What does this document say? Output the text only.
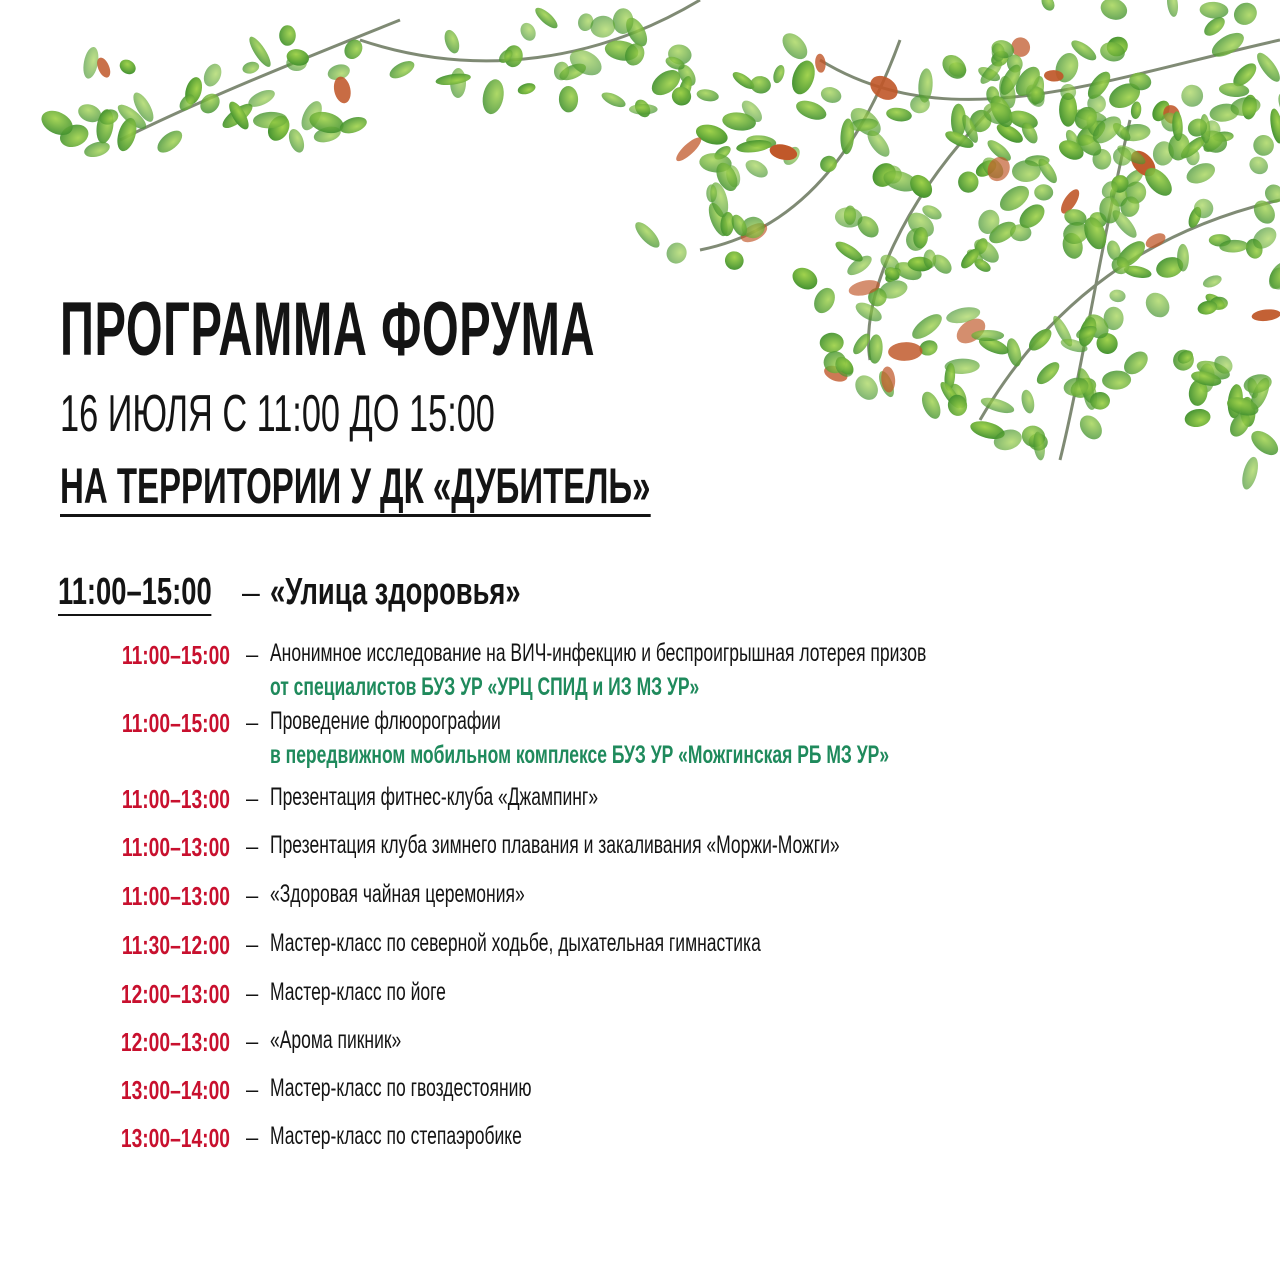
ПРОГРАММА ФОРУМА
16 ИЮЛЯ С 11:00 ДО 15:00
НА ТЕРРИТОРИИ У ДК «ДУБИТЕЛЬ»
11:00–15:00 – «Улица здоровья»
11:00–15:00 – Анонимное исследование на ВИЧ-инфекцию и беспроигрышная лотерея призов
от специалистов БУЗ УР «УРЦ СПИД и ИЗ МЗ УР»
11:00–15:00 – Проведение флюорографии
в передвижном мобильном комплексе БУЗ УР «Можгинская РБ МЗ УР»
11:00–13:00 – Презентация фитнес-клуба «Джампинг»
11:00–13:00 – Презентация клуба зимнего плавания и закаливания «Моржи-Можги»
11:00–13:00 – «Здоровая чайная церемония»
11:30–12:00 – Мастер-класс по северной ходьбе, дыхательная гимнастика
12:00–13:00 – Мастер-класс по йоге
12:00–13:00 – «Арома пикник»
13:00–14:00 – Мастер-класс по гвоздестоянию
13:00–14:00 – Мастер-класс по степаэробике
